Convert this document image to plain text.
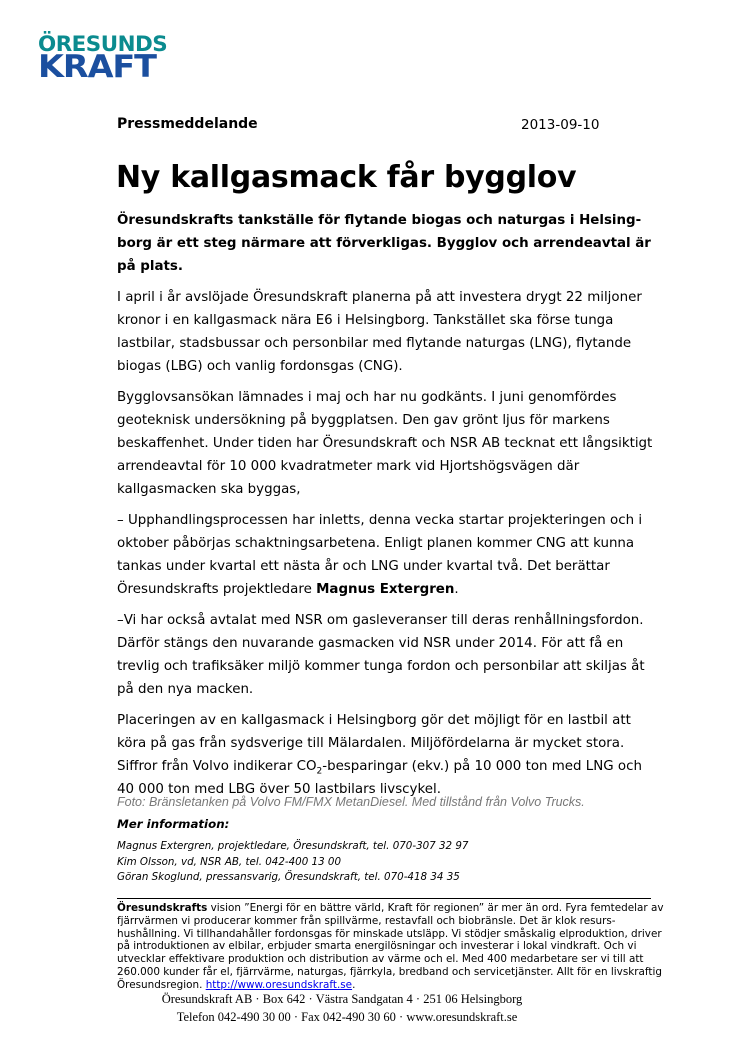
ÖRESUNDS
KRAFT
Pressmeddelande	2013-09-10
Ny kallgasmack får bygglov
Öresundskrafts tankställe för flytande biogas och naturgas i Helsing-
borg är ett steg närmare att förverkligas. Bygglov och arrendeavtal är
på plats.
I april i år avslöjade Öresundskraft planerna på att investera drygt 22 miljoner
kronor i en kallgasmack nära E6 i Helsingborg. Tankstället ska förse tunga
lastbilar, stadsbussar och personbilar med flytande naturgas (LNG), flytande
biogas (LBG) och vanlig fordonsgas (CNG).
Bygglovsansökan lämnades i maj och har nu godkänts. I juni genomfördes
geoteknisk undersökning på byggplatsen. Den gav grönt ljus för markens
beskaffenhet. Under tiden har Öresundskraft och NSR AB tecknat ett långsiktigt
arrendeavtal för 10 000 kvadratmeter mark vid Hjortshögsvägen där
kallgasmacken ska byggas,
– Upphandlingsprocessen har inletts, denna vecka startar projekteringen och i
oktober påbörjas schaktningsarbetena. Enligt planen kommer CNG att kunna
tankas under kvartal ett nästa år och LNG under kvartal två. Det berättar
Öresundskrafts projektledare Magnus Extergren.
–Vi har också avtalat med NSR om gasleveranser till deras renhållningsfordon.
Därför stängs den nuvarande gasmacken vid NSR under 2014. För att få en
trevlig och trafiksäker miljö kommer tunga fordon och personbilar att skiljas åt
på den nya macken.
Placeringen av en kallgasmack i Helsingborg gör det möjligt för en lastbil att
köra på gas från sydsverige till Mälardalen. Miljöfördelarna är mycket stora.
Siffror från Volvo indikerar $CO_2$-besparingar (ekv.) på 10 000 ton med LNG och
40 000 ton med LBG över 50 lastbilars livscykel.
Foto: Bränsletanken på Volvo FM/FMX MetanDiesel. Med tillstånd från Volvo Trucks.
Mer information:
Magnus Extergren, projektledare, Öresundskraft, tel. 070-307 32 97
Kim Olsson, vd, NSR AB, tel. 042-400 13 00
Göran Skoglund, pressansvarig, Öresundskraft, tel. 070-418 34 35
Öresundskrafts vision ”Energi för en bättre värld, Kraft för regionen” är mer än ord. Fyra femtedelar av
fjärrvärmen vi producerar kommer från spillvärme, restavfall och biobränsle. Det är klok resurs-
hushållning. Vi tillhandahåller fordonsgas för minskade utsläpp. Vi stödjer småskalig elproduktion, driver
på introduktionen av elbilar, erbjuder smarta energilösningar och investerar i lokal vindkraft. Och vi
utvecklar effektivare produktion och distribution av värme och el. Med 400 medarbetare ser vi till att
260.000 kunder får el, fjärrvärme, naturgas, fjärrkyla, bredband och servicetjänster. Allt för en livskraftig
Öresundsregion. http://www.oresundskraft.se.
Öresundskraft AB · Box 642 · Västra Sandgatan 4 · 251 06 Helsingborg
Telefon 042-490 30 00 · Fax 042-490 30 60 · www.oresundskraft.se
